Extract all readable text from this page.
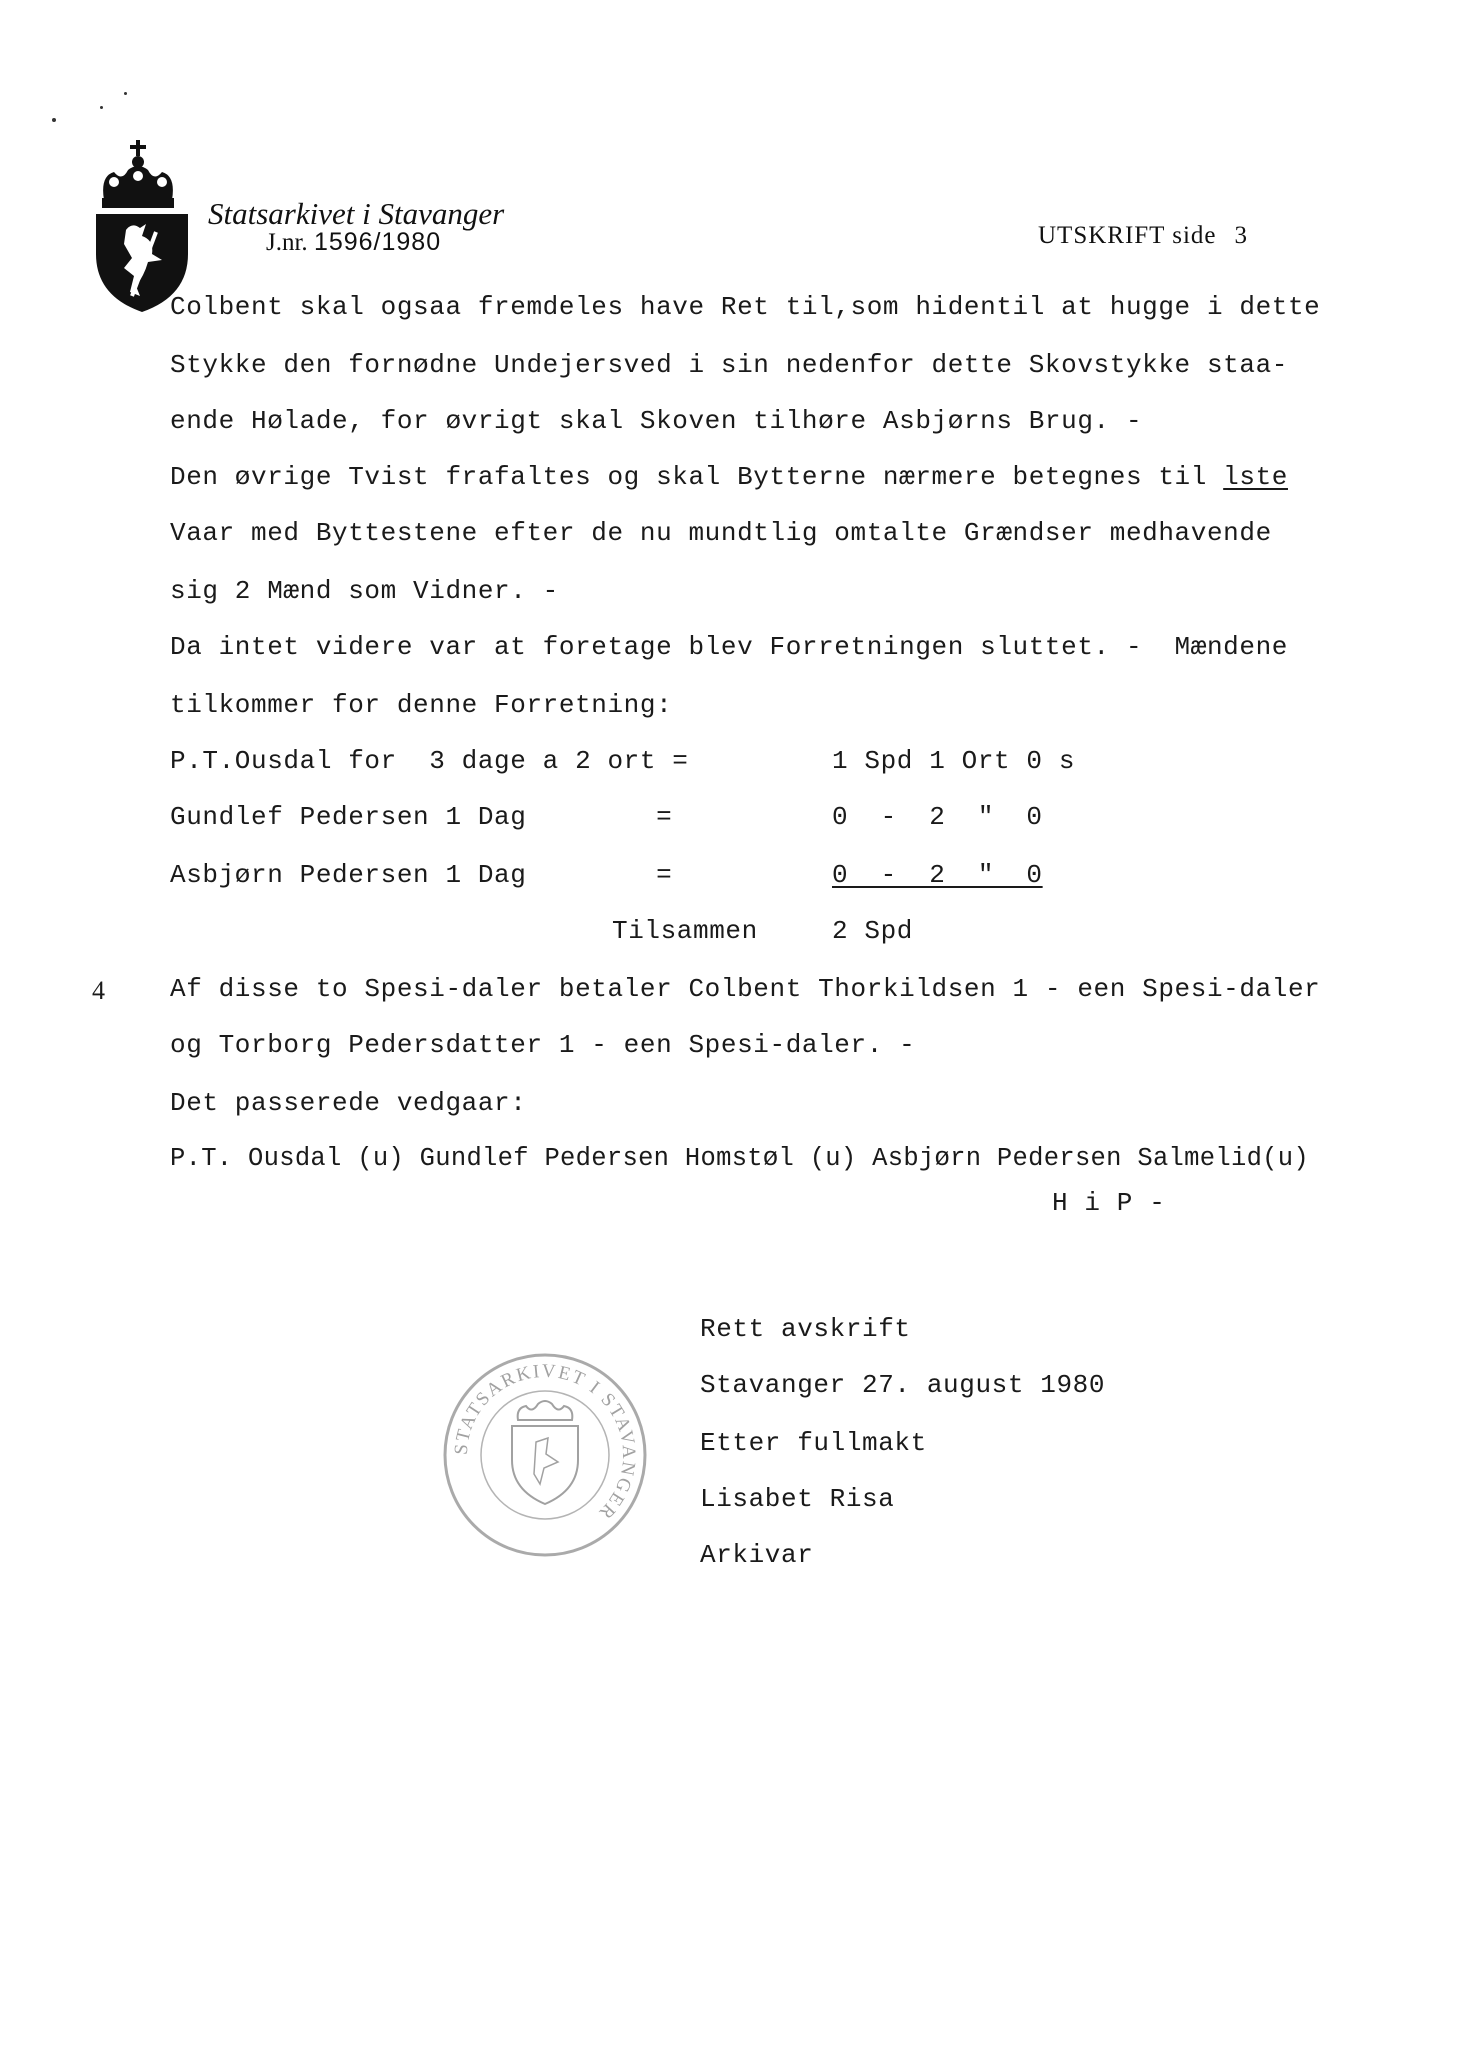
Statsarkivet i Stavanger
J.nr. 1596/1980	UTSKRIFT side 3
Colbent skal ogsaa fremdeles have Ret til,som hidentil at hugge i dette
Stykke den fornødne Undejersved i sin nedenfor dette Skovstykke staa-
ende Hølade, for øvrigt skal Skoven tilhøre Asbjørns Brug. -
Den øvrige Tvist frafaltes og skal Bytterne nærmere betegnes til lste
Vaar med Byttestene efter de nu mundtlig omtalte Grændser medhavende
sig 2 Mænd som Vidner. -
Da intet videre var at foretage blev Forretningen sluttet. -  Mændene
tilkommer for denne Forretning:
P.T.Ousdal for  3 dage a 2 ort =	1 Spd 1 Ort 0 s
Gundlef Pedersen 1 Dag        =	0  -  2  "  0
Asbjørn Pedersen 1 Dag        =	0  -  2  "  0
Tilsammen	2 Spd
4	Af disse to Spesi-daler betaler Colbent Thorkildsen 1 - een Spesi-daler
og Torborg Pedersdatter 1 - een Spesi-daler. -
Det passerede vedgaar:
P.T. Ousdal (u) Gundlef Pedersen Homstøl (u) Asbjørn Pedersen Salmelid(u)
H i P -
STATSARKIVET I STAVANGER
Rett avskrift
Stavanger 27. august 1980
Etter fullmakt
Lisabet Risa
Arkivar
